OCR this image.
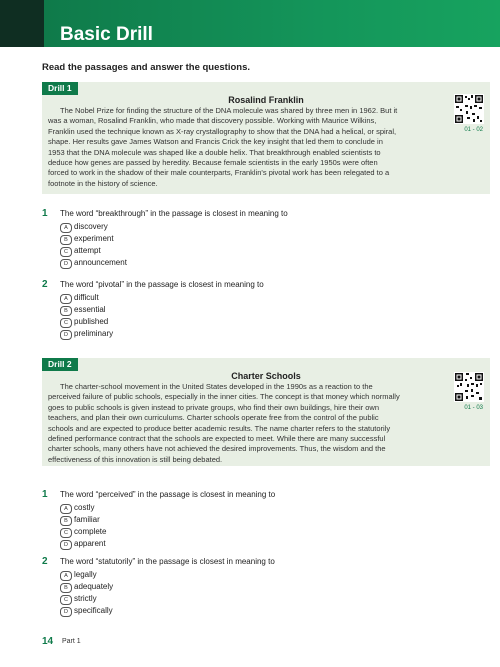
Basic Drill
Read the passages and answer the questions.
Drill 1
Rosalind Franklin
The Nobel Prize for finding the structure of the DNA molecule was shared by three men in 1962. But it was a woman, Rosalind Franklin, who made that discovery possible. Working with Maurice Wilkins, Franklin used the technique known as X-ray crystallography to show that the DNA had a helical, or spiral, shape. Her results gave James Watson and Francis Crick the key insight that led them to conclude in 1953 that the DNA molecule was shaped like a double helix. That breakthrough enabled scientists to deduce how genes are passed by heredity. Because female scientists in the early 1950s were often forced to work in the shadow of their male counterparts, Franklin's pivotal work has been relegated to a footnote in the history of science.
01 - 02
1 The word “breakthrough” in the passage is closest in meaning to
A discovery
B experiment
C attempt
D announcement
2 The word “pivotal” in the passage is closest in meaning to
A difficult
B essential
C published
D preliminary
Drill 2
Charter Schools
The charter-school movement in the United States developed in the 1990s as a reaction to the perceived failure of public schools, especially in the inner cities. The concept is that money which normally goes to public schools is given instead to private groups, who find their own buildings, hire their own teachers, and plan their own curriculums. Charter schools operate free from the control of the public schools and are expected to produce better academic results. The name charter refers to the statutorily defined performance contract that the schools are expected to meet. While there are many successful charter schools, many others have not achieved the desired improvements. Thus, the wisdom and the effectiveness of this innovation is still being debated.
01 - 03
1 The word “perceived” in the passage is closest in meaning to
A costly
B familiar
C complete
D apparent
2 The word “statutorily” in the passage is closest in meaning to
A legally
B adequately
C strictly
D specifically
14 Part 1
